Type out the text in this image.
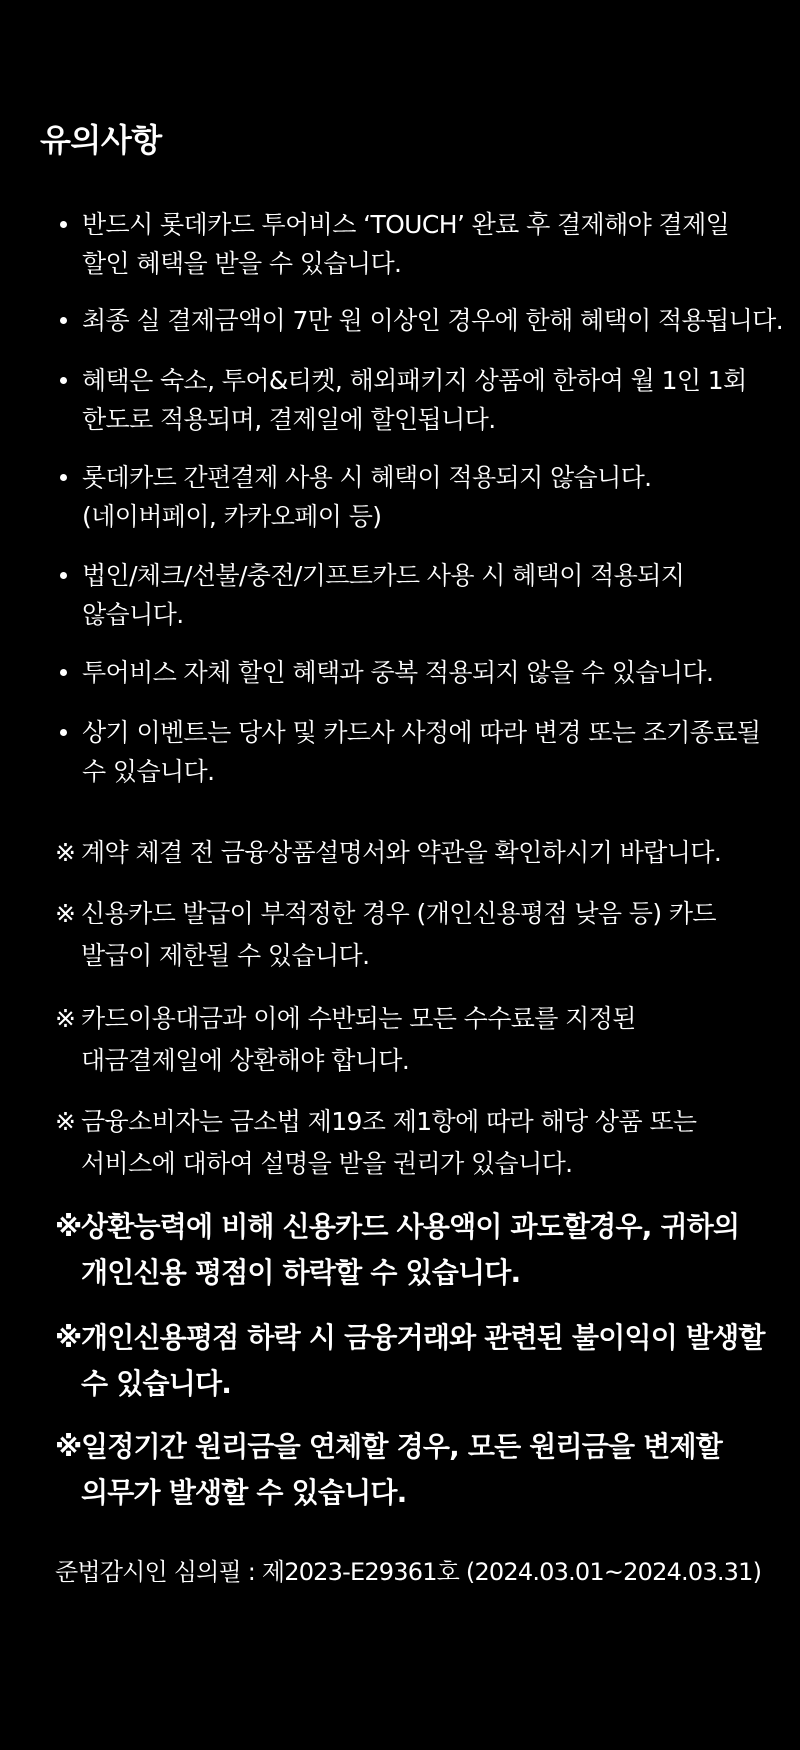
유의사항
반드시 롯데카드 투어비스 ‘TOUCH’ 완료 후 결제해야 결제일
할인 혜택을 받을 수 있습니다.
최종 실 결제금액이 7만 원 이상인 경우에 한해 혜택이 적용됩니다.
혜택은 숙소, 투어&티켓, 해외패키지 상품에 한하여 월 1인 1회
한도로 적용되며, 결제일에 할인됩니다.
롯데카드 간편결제 사용 시 혜택이 적용되지 않습니다.
(네이버페이, 카카오페이 등)
법인/체크/선불/충전/기프트카드 사용 시 혜택이 적용되지
않습니다.
투어비스 자체 할인 혜택과 중복 적용되지 않을 수 있습니다.
상기 이벤트는 당사 및 카드사 사정에 따라 변경 또는 조기종료될
수 있습니다.
※ 계약 체결 전 금융상품설명서와 약관을 확인하시기 바랍니다.
※ 신용카드 발급이 부적정한 경우 (개인신용평점 낮음 등) 카드
발급이 제한될 수 있습니다.
※ 카드이용대금과 이에 수반되는 모든 수수료를 지정된
대금결제일에 상환해야 합니다.
※ 금융소비자는 금소법 제19조 제1항에 따라 해당 상품 또는
서비스에 대하여 설명을 받을 권리가 있습니다.
※상환능력에 비해 신용카드 사용액이 과도할경우, 귀하의
개인신용 평점이 하락할 수 있습니다.
※개인신용평점 하락 시 금융거래와 관련된 불이익이 발생할
수 있습니다.
※일정기간 원리금을 연체할 경우, 모든 원리금을 변제할
의무가 발생할 수 있습니다.
준법감시인 심의필 : 제2023-E29361호 (2024.03.01~2024.03.31)
